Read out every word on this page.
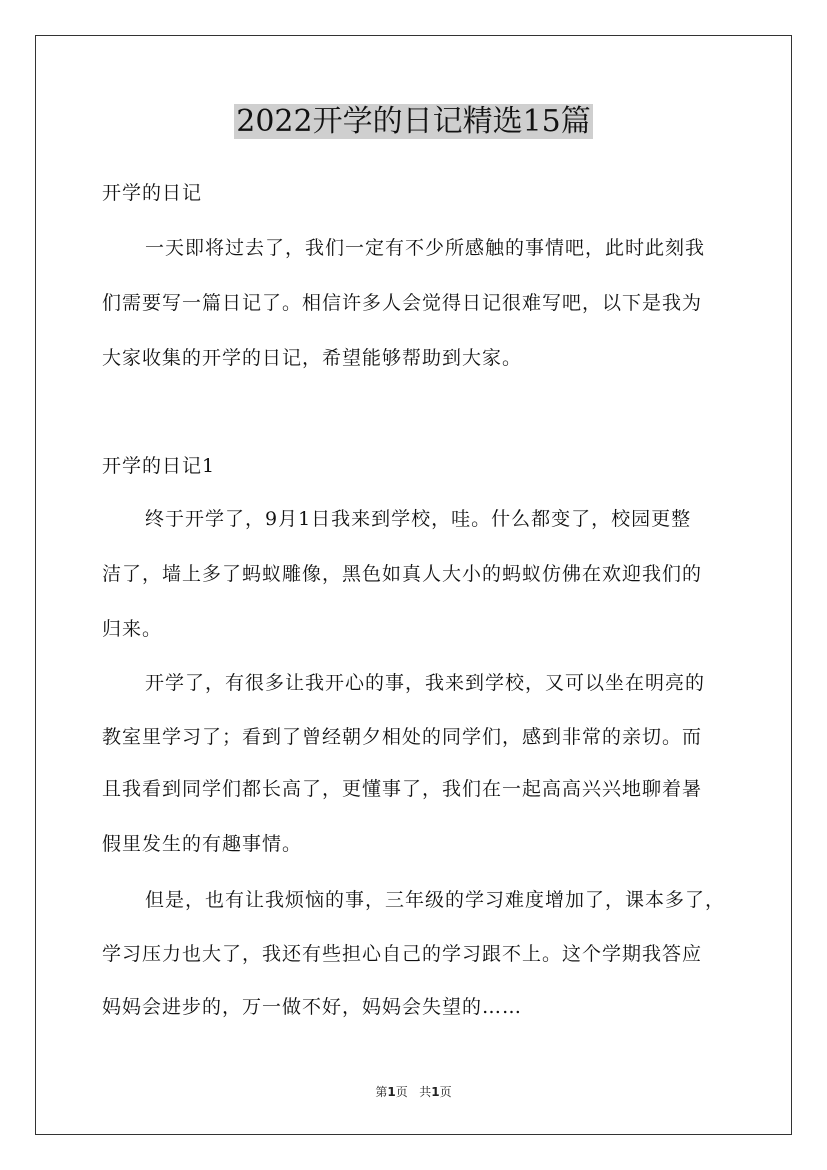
2022开学的日记精选15篇
开学的日记
一天即将过去了，我们一定有不少所感触的事情吧，此时此刻我
们需要写一篇日记了。相信许多人会觉得日记很难写吧，以下是我为
大家收集的开学的日记，希望能够帮助到大家。
开学的日记1
终于开学了，9月1日我来到学校，哇。什么都变了，校园更整
洁了，墙上多了蚂蚁雕像，黑色如真人大小的蚂蚁仿佛在欢迎我们的
归来。
开学了，有很多让我开心的事，我来到学校，又可以坐在明亮的
教室里学习了；看到了曾经朝夕相处的同学们，感到非常的亲切。而
且我看到同学们都长高了，更懂事了，我们在一起高高兴兴地聊着暑
假里发生的有趣事情。
但是，也有让我烦恼的事，三年级的学习难度增加了，课本多了，
学习压力也大了，我还有些担心自己的学习跟不上。这个学期我答应
妈妈会进步的，万一做不好，妈妈会失望的……
第1页 共1页
